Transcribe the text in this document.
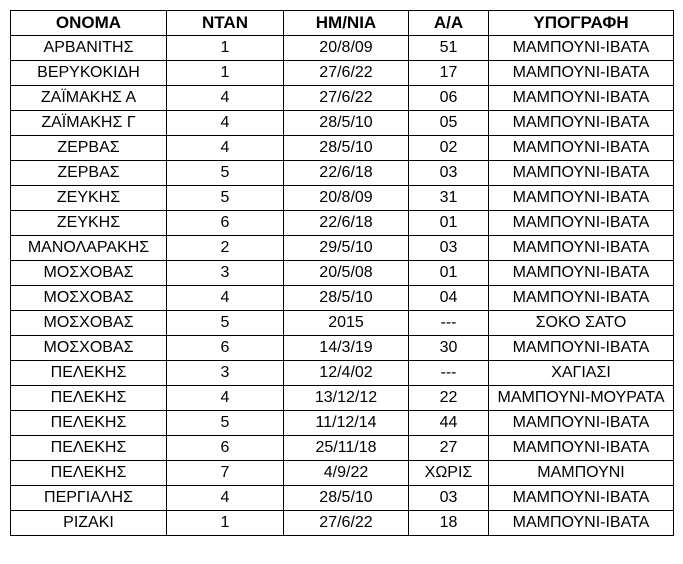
ΟΝΟΜΑ	ΝΤΑΝ	ΗΜ/ΝΙΑ	Α/Α	ΥΠΟΓΡΑΦΗ
ΑΡΒΑΝΙΤΗΣ	1	20/8/09	51	ΜΑΜΠΟΥΝΙ-ΙΒΑΤΑ
ΒΕΡΥΚΟΚΙΔΗ	1	27/6/22	17	ΜΑΜΠΟΥΝΙ-ΙΒΑΤΑ
ΖΑΪΜΑΚΗΣ Α	4	27/6/22	06	ΜΑΜΠΟΥΝΙ-ΙΒΑΤΑ
ΖΑΪΜΑΚΗΣ Γ	4	28/5/10	05	ΜΑΜΠΟΥΝΙ-ΙΒΑΤΑ
ΖΕΡΒΑΣ	4	28/5/10	02	ΜΑΜΠΟΥΝΙ-ΙΒΑΤΑ
ΖΕΡΒΑΣ	5	22/6/18	03	ΜΑΜΠΟΥΝΙ-ΙΒΑΤΑ
ΖΕΥΚΗΣ	5	20/8/09	31	ΜΑΜΠΟΥΝΙ-ΙΒΑΤΑ
ΖΕΥΚΗΣ	6	22/6/18	01	ΜΑΜΠΟΥΝΙ-ΙΒΑΤΑ
ΜΑΝΟΛΑΡΑΚΗΣ	2	29/5/10	03	ΜΑΜΠΟΥΝΙ-ΙΒΑΤΑ
ΜΟΣΧΟΒΑΣ	3	20/5/08	01	ΜΑΜΠΟΥΝΙ-ΙΒΑΤΑ
ΜΟΣΧΟΒΑΣ	4	28/5/10	04	ΜΑΜΠΟΥΝΙ-ΙΒΑΤΑ
ΜΟΣΧΟΒΑΣ	5	2015	---	ΣΟΚΟ ΣΑΤΟ
ΜΟΣΧΟΒΑΣ	6	14/3/19	30	ΜΑΜΠΟΥΝΙ-ΙΒΑΤΑ
ΠΕΛΕΚΗΣ	3	12/4/02	---	ΧΑΓΙΑΣΙ
ΠΕΛΕΚΗΣ	4	13/12/12	22	ΜΑΜΠΟΥΝΙ-ΜΟΥΡΑΤΑ
ΠΕΛΕΚΗΣ	5	11/12/14	44	ΜΑΜΠΟΥΝΙ-ΙΒΑΤΑ
ΠΕΛΕΚΗΣ	6	25/11/18	27	ΜΑΜΠΟΥΝΙ-ΙΒΑΤΑ
ΠΕΛΕΚΗΣ	7	4/9/22	ΧΩΡΙΣ	ΜΑΜΠΟΥΝΙ
ΠΕΡΓΙΑΛΗΣ	4	28/5/10	03	ΜΑΜΠΟΥΝΙ-ΙΒΑΤΑ
ΡΙΖΑΚΙ	1	27/6/22	18	ΜΑΜΠΟΥΝΙ-ΙΒΑΤΑ
